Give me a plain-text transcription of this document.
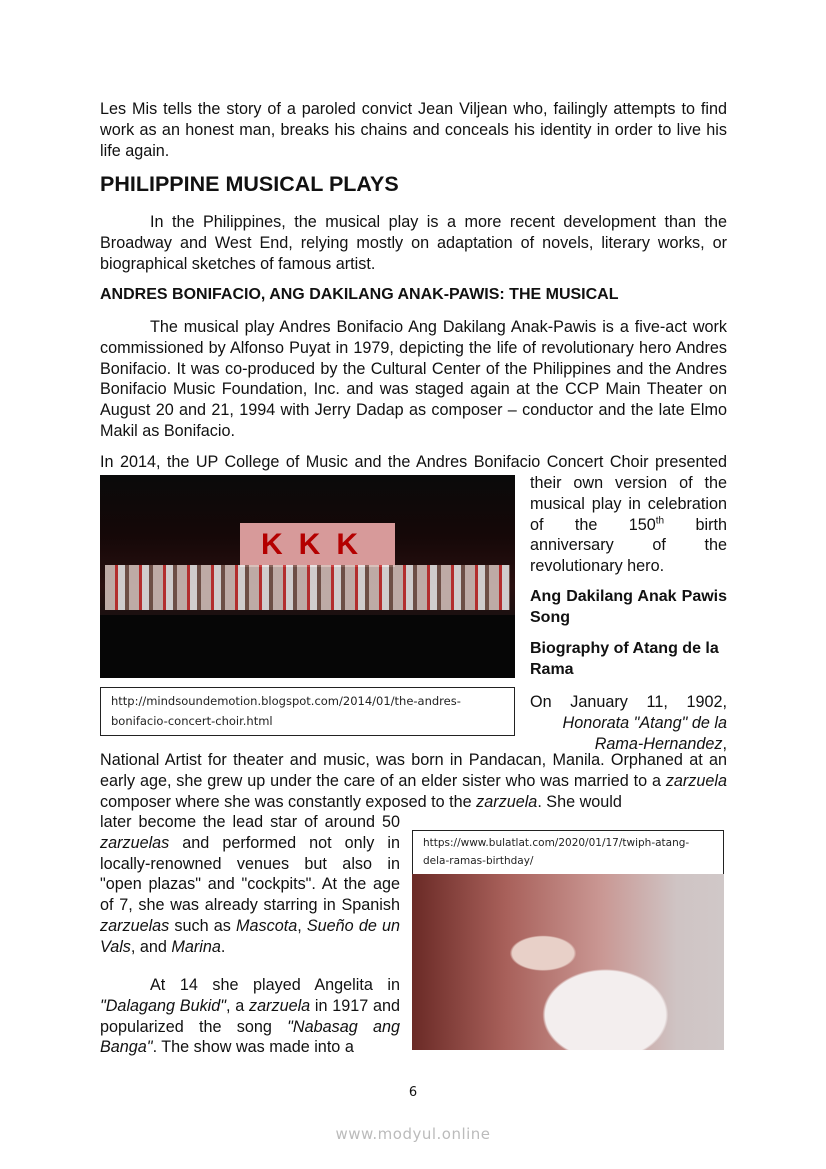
Les Mis tells the story of a paroled convict Jean Viljean who, failingly attempts to find work as an honest man, breaks his chains and conceals his identity in order to live his life again.
PHILIPPINE MUSICAL PLAYS
In the Philippines, the musical play is a more recent development than the Broadway and West End, relying mostly on adaptation of novels, literary works, or biographical sketches of famous artist.
ANDRES BONIFACIO, ANG DAKILANG ANAK-PAWIS: THE MUSICAL
The musical play Andres Bonifacio Ang Dakilang Anak-Pawis is a five-act work commissioned by Alfonso Puyat in 1979, depicting the life of revolutionary hero Andres Bonifacio. It was co-produced by the Cultural Center of the Philippines and the Andres Bonifacio Music Foundation, Inc. and was staged again at the CCP Main Theater on August 20 and 21, 1994 with Jerry Dadap as composer – conductor and the late Elmo Makil as Bonifacio.
In 2014, the UP College of Music and the Andres Bonifacio Concert Choir presented
KKK
their own version of the musical play in celebration of the 150th birth anniversary of the revolutionary hero.
Ang Dakilang Anak Pawis Song
Biography of Atang de la Rama
http://mindsoundemotion.blogspot.com/2014/01/the-andres-bonifacio-concert-choir.html
On January 11, 1902,
Honorata "Atang" de la Rama-Hernandez,
National Artist for theater and music, was born in Pandacan, Manila. Orphaned at an early age, she grew up under the care of an elder sister who was married to a zarzuela composer where she was constantly exposed to the zarzuela. She would
later become the lead star of around 50 zarzuelas and performed not only in locally-renowned venues but also in "open plazas" and "cockpits". At the age of 7, she was already starring in Spanish zarzuelas such as Mascota, Sueño de un Vals, and Marina.
At 14 she played Angelita in "Dalagang Bukid", a zarzuela in 1917 and popularized the song "Nabasag ang Banga". The show was made into a
https://www.bulatlat.com/2020/01/17/twiph-atang-dela-ramas-birthday/
6
www.modyul.online
